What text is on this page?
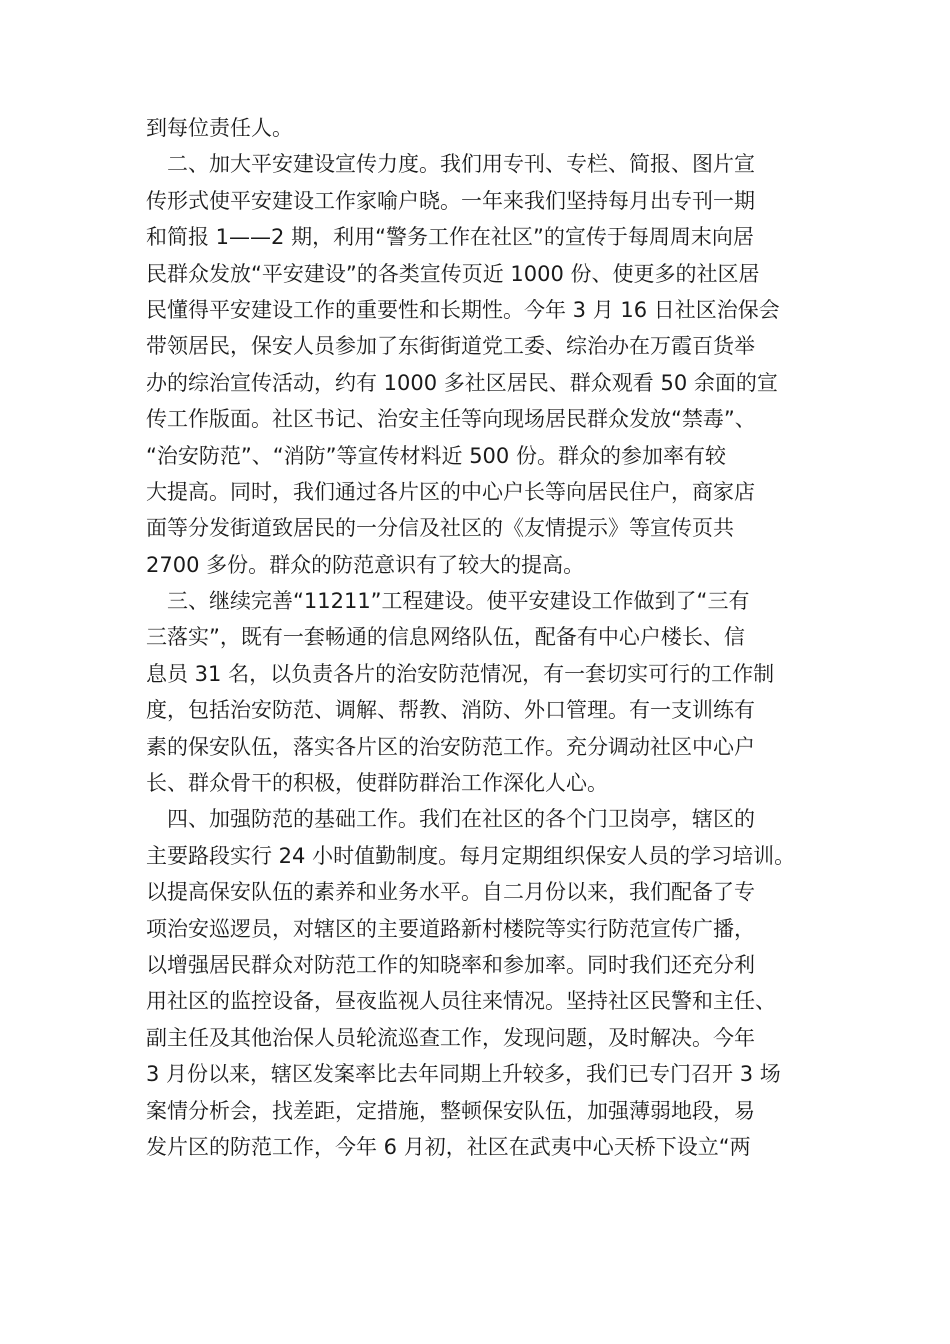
到每位责任人。
二、加大平安建设宣传力度。我们用专刊、专栏、简报、图片宣
传形式使平安建设工作家喻户晓。一年来我们坚持每月出专刊一期
和简报 1——2 期，利用“警务工作在社区”的宣传于每周周末向居
民群众发放“平安建设”的各类宣传页近 1000 份、使更多的社区居
民懂得平安建设工作的重要性和长期性。今年 3 月 16 日社区治保会
带领居民，保安人员参加了东街街道党工委、综治办在万霞百货举
办的综治宣传活动，约有 1000 多社区居民、群众观看 50 余面的宣
传工作版面。社区书记、治安主任等向现场居民群众发放“禁毒”、
“治安防范”、“消防”等宣传材料近 500 份。群众的参加率有较
大提高。同时，我们通过各片区的中心户长等向居民住户，商家店
面等分发街道致居民的一分信及社区的《友情提示》等宣传页共
2700 多份。群众的防范意识有了较大的提高。
三、继续完善“11211”工程建设。使平安建设工作做到了“三有
三落实”，既有一套畅通的信息网络队伍，配备有中心户楼长、信
息员 31 名，以负责各片的治安防范情况，有一套切实可行的工作制
度，包括治安防范、调解、帮教、消防、外口管理。有一支训练有
素的保安队伍，落实各片区的治安防范工作。充分调动社区中心户
长、群众骨干的积极，使群防群治工作深化人心。
四、加强防范的基础工作。我们在社区的各个门卫岗亭，辖区的
主要路段实行 24 小时值勤制度。每月定期组织保安人员的学习培训。
以提高保安队伍的素养和业务水平。自二月份以来，我们配备了专
项治安巡逻员，对辖区的主要道路新村楼院等实行防范宣传广播，
以增强居民群众对防范工作的知晓率和参加率。同时我们还充分利
用社区的监控设备，昼夜监视人员往来情况。坚持社区民警和主任、
副主任及其他治保人员轮流巡查工作，发现问题，及时解决。今年
3 月份以来，辖区发案率比去年同期上升较多，我们已专门召开 3 场
案情分析会，找差距，定措施，整顿保安队伍，加强薄弱地段，易
发片区的防范工作，今年 6 月初，社区在武夷中心天桥下设立“两
